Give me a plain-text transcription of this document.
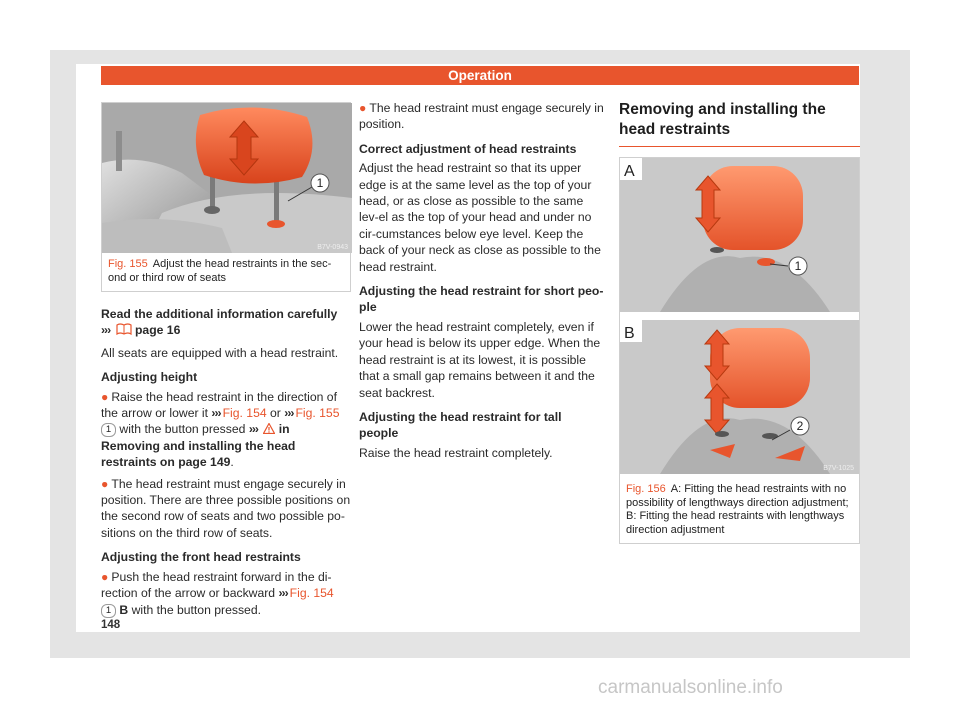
Operation
1
B7V-0943
Fig. 155 Adjust the head restraints in the sec-ond or third row of seats

Read the additional information carefully
››› page 16

All seats are equipped with a head restraint.

Adjusting height

● Raise the head restraint in the direction of the arrow or lower it ››› Fig. 154 or ››› Fig. 155 1 with the button pressed ››› in Removing and installing the head restraints on page 149.

● The head restraint must engage securely in position. There are three possible positions on the second row of seats and two possible po-sitions on the third row of seats.

Adjusting the front head restraints

● Push the head restraint forward in the di-rection of the arrow or backward ››› Fig. 154
1 B with the button pressed.

● The head restraint must engage securely in position.

Correct adjustment of head restraints

Adjust the head restraint so that its upper edge is at the same level as the top of your head, or as close as possible to the same lev-el as the top of your head and under no cir-cumstances below eye level. Keep the back of your neck as close as possible to the head restraint.

Adjusting the head restraint for short peo-ple

Lower the head restraint completely, even if your head is below its upper edge. When the head restraint is at its lowest, it is possible that a small gap remains between it and the seat backrest.

Adjusting the head restraint for tall people

Raise the head restraint completely.

Removing and installing the head restraints
1
A
2
B
B7V-1025
Fig. 156 A: Fitting the head restraints with no possibility of lengthways direction adjustment; B: Fitting the head restraints with lengthways direction adjustment
148
carmanualsonline.info
